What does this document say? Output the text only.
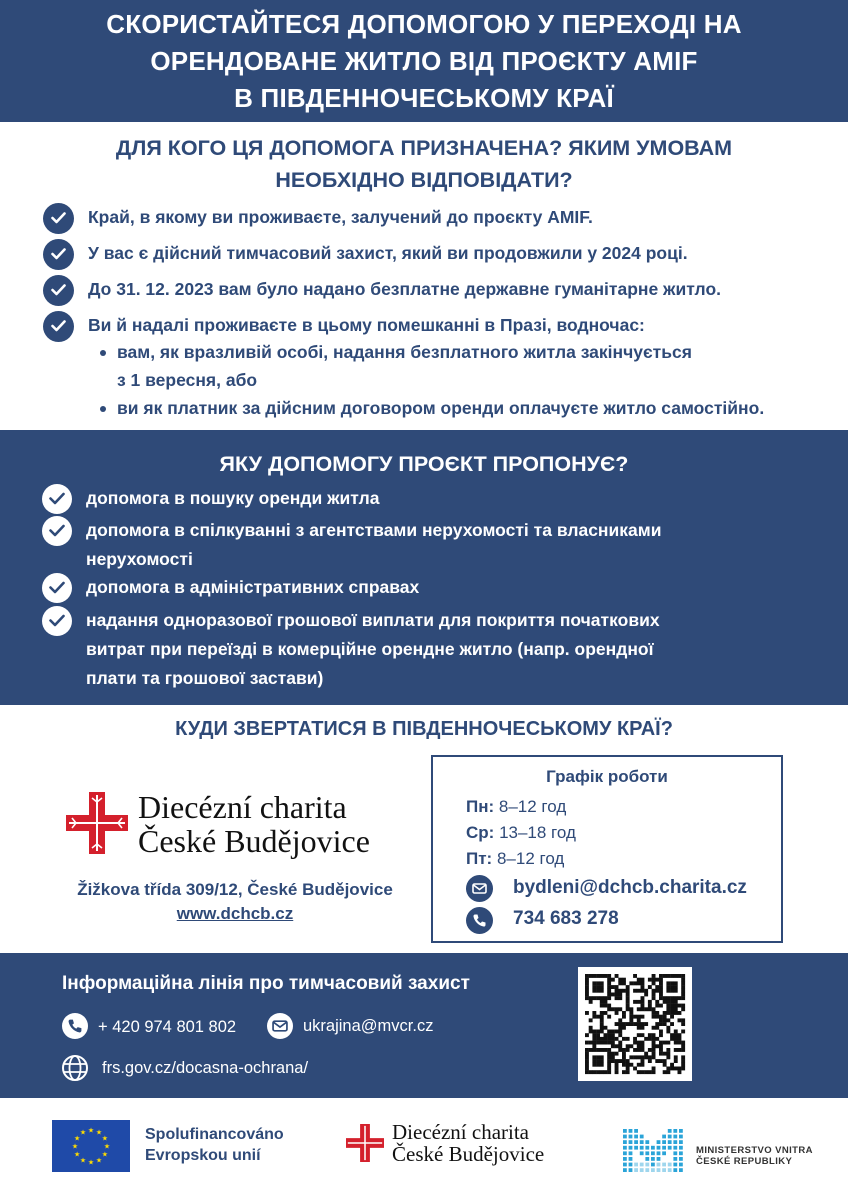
СКОРИСТАЙТЕСЯ ДОПОМОГОЮ У ПЕРЕХОДІ НА
ОРЕНДОВАНЕ ЖИТЛО ВІД ПРОЄКТУ AMIF
В ПІВДЕННОЧЕСЬКОМУ КРАЇ
ДЛЯ КОГО ЦЯ ДОПОМОГА ПРИЗНАЧЕНА? ЯКИМ УМОВАМ
НЕОБХІДНО ВІДПОВІДАТИ?
Край, в якому ви проживаєте, залучений до проєкту AMIF.
У вас є дійсний тимчасовий захист, який ви продовжили у 2024 році.
До 31. 12. 2023 вам було надано безплатне державне гуманітарне житло.
Ви й надалі проживаєте в цьому помешканні в Празі, водночас:
вам, як вразливій особі, надання безплатного житла закінчується
з 1 вересня, або
ви як платник за дійсним договором оренди оплачуєте житло самостійно.
ЯКУ ДОПОМОГУ ПРОЄКТ ПРОПОНУЄ?
допомога в пошуку оренди житла
допомога в спілкуванні з агентствами нерухомості та власниками
нерухомості
допомога в адміністративних справах
надання одноразової грошової виплати для покриття початкових
витрат при переїзді в комерційне орендне житло (напр. орендної
плати та грошової застави)
КУДИ ЗВЕРТАТИСЯ В ПІВДЕННОЧЕСЬКОМУ КРАЇ?
Diecézní charita
České Budějovice
Žižkova třída 309/12, České Budějovice
www.dchcb.cz
Графік роботи
Пн: 8–12 год
Ср: 13–18 год
Пт: 8–12 год
bydleni@dchcb.charita.cz
734 683 278
Інформаційна лінія про тимчасовий захист
+ 420 974 801 802	ukrajina@mvcr.cz
frs.gov.cz/docasna-ochrana/
★ ★
★
★
★
★
★
★
★
★
★
★	Spolufinancováno
Evropskou unií
Diecézní charita
České Budějovice	MINISTERSTVO VNITRA
ČESKÉ REPUBLIKY
